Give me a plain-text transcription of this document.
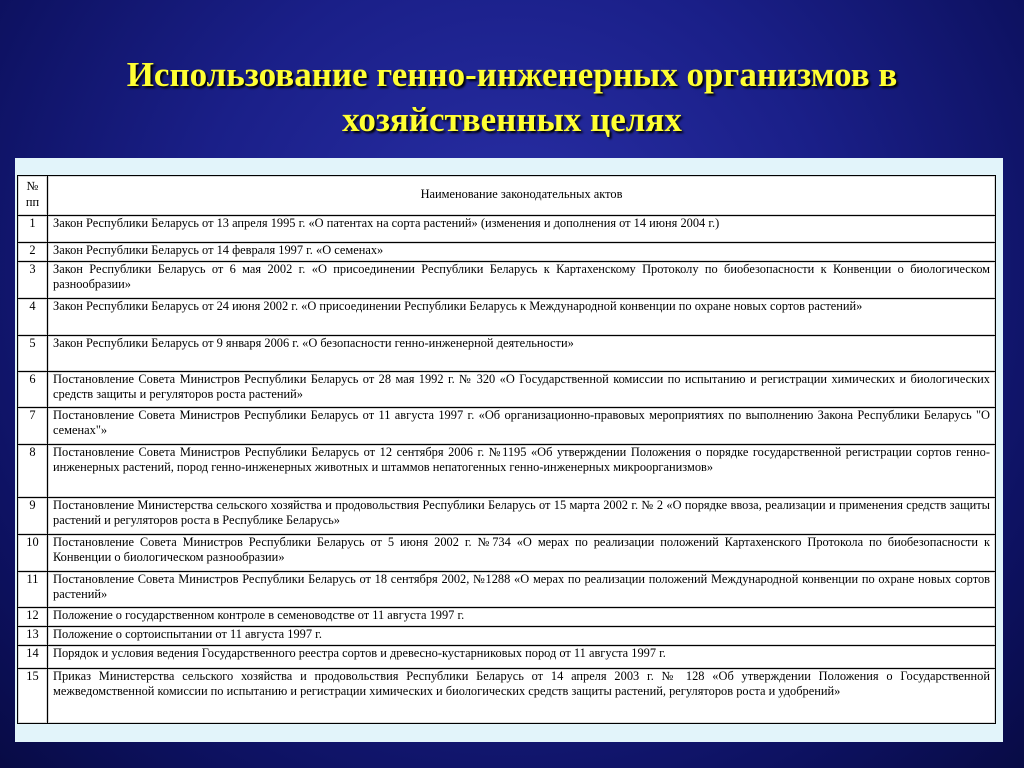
Использование генно-инженерных организмов в
хозяйственных целях
№ пп	Наименование законодательных актов
1	Закон Республики Беларусь от 13 апреля 1995 г. «О патентах на сорта растений» (изменения и дополнения от 14 июня 2004 г.)
2	Закон Республики Беларусь от 14 февраля 1997 г. «О семенах»
3	Закон Республики Беларусь от 6 мая 2002 г. «О присоединении Республики Беларусь к Картахенскому Протоколу по биобезопасности к Конвенции о биологическом разнообразии»
4	Закон Республики Беларусь от 24 июня 2002 г. «О присоединении Республики Беларусь к Международной конвенции по охране новых сортов растений»
5	Закон Республики Беларусь от 9 января 2006 г. «О безопасности генно-инженерной деятельности»
6	Постановление Совета Министров Республики Беларусь от 28 мая 1992 г. № 320 «О Государственной комиссии по испытанию и регистрации химических и биологических средств защиты и регуляторов роста растений»
7	Постановление Совета Министров Республики Беларусь от 11 августа 1997 г. «Об организационно-правовых мероприятиях по выполнению Закона Республики Беларусь "О семенах"»
8	Постановление Совета Министров Республики Беларусь от 12 сентября 2006 г. №1195 «Об утверждении Положения о порядке государственной регистрации сортов генно-инженерных растений, пород генно-инженерных животных и штаммов непатогенных генно-инженерных микроорганизмов»
9	Постановление Министерства сельского хозяйства и продовольствия Республики Беларусь от 15 марта 2002 г. № 2 «О порядке ввоза, реализации и применения средств защиты растений и регуляторов роста в Республике Беларусь»
10	Постановление Совета Министров Республики Беларусь от 5 июня 2002 г. №734 «О мерах по реализации положений Картахенского Протокола по биобезопасности к Конвенции о биологическом разнообразии»
11	Постановление Совета Министров Республики Беларусь от 18 сентября 2002, №1288 «О мерах по реализации положений Международной конвенции по охране новых сортов растений»
12	Положение о государственном контроле в семеноводстве от 11 августа 1997 г.
13	Положение о сортоиспытании от 11 августа 1997 г.
14	Порядок и условия ведения Государственного реестра сортов и древесно-кустарниковых пород от 11 августа 1997 г.
15	Приказ Министерства сельского хозяйства и продовольствия Республики Беларусь от 14 апреля 2003 г. № 128 «Об утверждении Положения о Государственной межведомственной комиссии по испытанию и регистрации химических и биологических средств защиты растений, регуляторов роста и удобрений»
